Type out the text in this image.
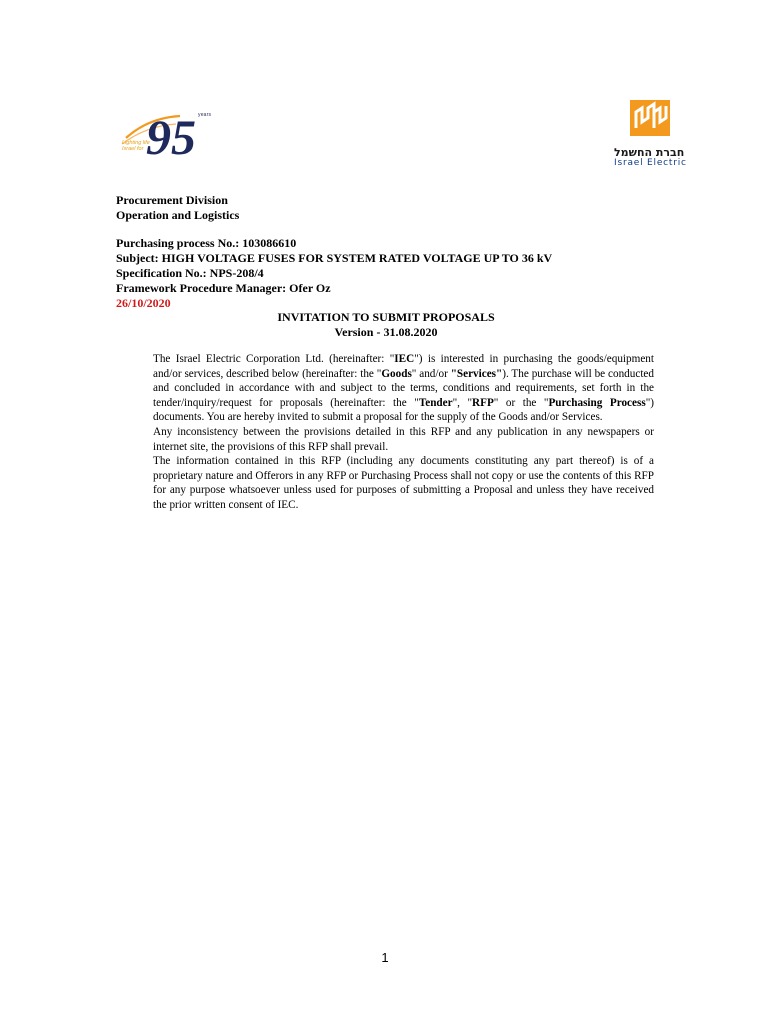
95 years
Lighting life Israel for	חברת החשמל
Israel Electric
Procurement Division
Operation and Logistics
Purchasing process No.: 103086610
Subject: HIGH VOLTAGE FUSES FOR SYSTEM RATED VOLTAGE UP TO 36 kV
Specification No.: NPS-208/4
Framework Procedure Manager: Ofer Oz
26/10/2020
INVITATION TO SUBMIT PROPOSALS
Version - 31.08.2020

The Israel Electric Corporation Ltd. (hereinafter: "IEC") is interested in purchasing the goods/equipment and/or services, described below (hereinafter: the "Goods" and/or "Services"). The purchase will be conducted and concluded in accordance with and subject to the terms, conditions and requirements, set forth in the tender/inquiry/request for proposals (hereinafter: the "Tender", "RFP" or the "Purchasing Process") documents. You are hereby invited to submit a proposal for the supply of the Goods and/or Services.

Any inconsistency between the provisions detailed in this RFP and any publication in any newspapers or internet site, the provisions of this RFP shall prevail.

The information contained in this RFP (including any documents constituting any part thereof) is of a proprietary nature and Offerors in any RFP or Purchasing Process shall not copy or use the contents of this RFP for any purpose whatsoever unless used for purposes of submitting a Proposal and unless they have received the prior written consent of IEC.

1
